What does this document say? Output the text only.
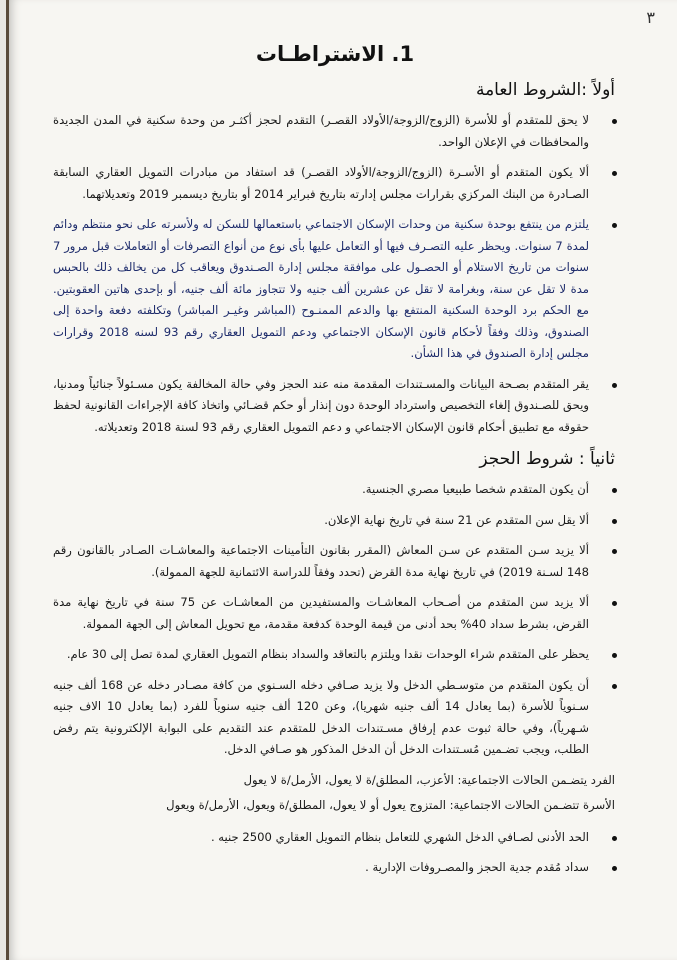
٣
1. الاشتراطـات
أولاً :الشروط العامة
لا يحق للمتقدم أو للأسرة (الزوج/الزوجة/الأولاد القصـر) التقدم لحجز أكثـر من وحدة سكنية في المدن الجديدة والمحافظات في الإعلان الواحد.
ألا يكون المتقدم أو الأسـرة (الزوج/الزوجة/الأولاد القصـر) قد استفاد من مبادرات التمويل العقاري السابقة الصـادرة من البنك المركزي بقرارات مجلس إدارته بتاريخ فبراير 2014 أو بتاريخ ديسمبر 2019 وتعديلاتهما.
يلتزم من ينتفع بوحدة سكنية من وحدات الإسكان الاجتماعي باستعمالها للسكن له ولأسرته على نحو منتظم ودائم لمدة 7 سنوات. ويحظر عليه التصـرف فيها أو التعامل عليها بأى نوع من أنواع التصرفات أو التعاملات قبل مرور 7 سنوات من تاريخ الاستلام أو الحصـول على موافقة مجلس إدارة الصـندوق ويعاقب كل من يخالف ذلك بالحبس مدة لا تقل عن سنة، وبغرامة لا تقل عن عشرين ألف جنيه ولا تتجاوز مائة ألف جنيه، أو بإحدى هاتين العقوبتين. مع الحكم برد الوحدة السكنية المنتفع بها والدعم الممنـوح (المباشر وغيـر المباشر) وتكلفته دفعة واحدة إلى الصندوق، وذلك وفقاً لأحكام قانون الإسكان الاجتماعي ودعم التمويل العقاري رقم 93 لسنه 2018 وقرارات مجلس إدارة الصندوق في هذا الشأن.
يقر المتقدم بصـحة البيانات والمسـتندات المقدمة منه عند الحجز وفي حالة المخالفة يكون مسـئولاً جنائياً ومدنيا، ويحق للصـندوق إلغاء التخصيص واسترداد الوحدة دون إنذار أو حكم قضـائي واتخاذ كافة الإجراءات القانونية لحفظ حقوقه مع تطبيق أحكام قانون الإسكان الاجتماعي و دعم التمويل العقاري رقم 93 لسنة 2018 وتعديلاته.
ثانياً : شروط الحجز
أن يكون المتقدم شخصا طبيعيا مصري الجنسية.
ألا يقل سن المتقدم عن 21 سنة في تاريخ نهاية الإعلان.
ألا يزيد سـن المتقدم عن سـن المعاش (المقرر بقانون التأمينات الاجتماعية والمعاشـات الصـادر بالقانون رقم 148 لسـنة 2019) في تاريخ نهاية مدة القرض (تحدد وفقاً للدراسة الائتمانية للجهة الممولة).
ألا يزيد سن المتقدم من أصـحاب المعاشـات والمستفيدين من المعاشـات عن 75 سنة في تاريخ نهاية مدة القرض، بشرط سداد 40% بحد أدنى من قيمة الوحدة كدفعة مقدمة، مع تحويل المعاش إلى الجهة الممولة.
يحظر على المتقدم شراء الوحدات نقدا ويلتزم بالتعاقد والسداد بنظام التمويل العقاري لمدة تصل إلى 30 عام.
أن يكون المتقدم من متوسـطي الدخل ولا يزيد صـافي دخله السـنوي من كافة مصـادر دخله عن 168 ألف جنيه سـنوياً للأسرة (بما يعادل 14 ألف جنيه شهريا)، وعن 120 ألف جنيه سنوياً للفرد (بما يعادل 10 الاف جنيه شـهرياً)، وفي حالة ثبوت عدم إرفاق مسـتندات الدخل للمتقدم عند التقديم على البوابة الإلكترونية يتم رفض الطلب، ويجب تضـمين مُسـتندات الدخل أن الدخل المذكور هو صـافي الدخل.
الفرد يتضـمن الحالات الاجتماعية: الأعزب، المطلق/ة لا يعول، الأرمل/ة لا يعول
الأسرة تتضـمن الحالات الاجتماعية: المتزوج يعول أو لا يعول، المطلق/ة ويعول، الأرمل/ة ويعول
الحد الأدنى لصـافي الدخل الشهري للتعامل بنظام التمويل العقاري 2500 جنيه .
سداد مُقدم جدية الحجز والمصـروفات الإدارية .
